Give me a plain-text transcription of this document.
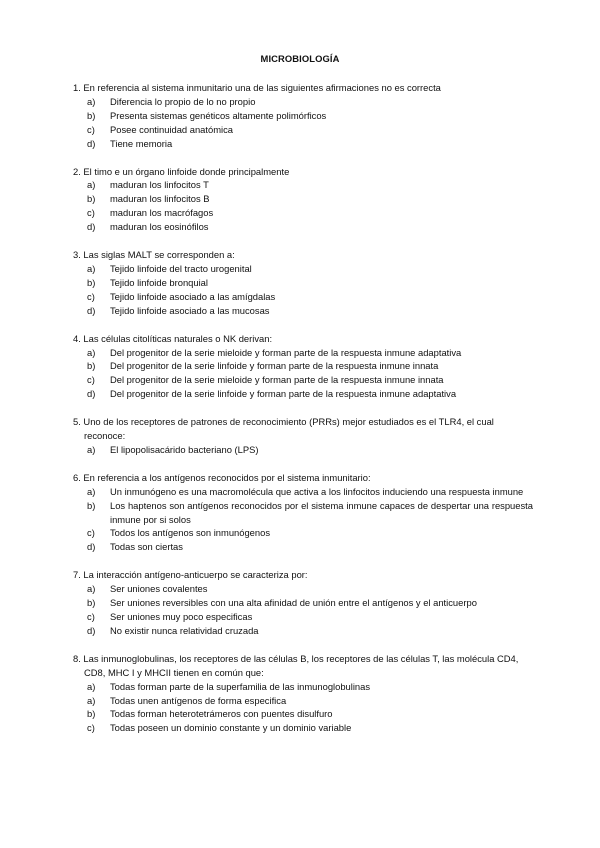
MICROBIOLOGÍA
1. En referencia al sistema inmunitario una de las siguientes afirmaciones no es correcta
a)	Diferencia lo propio de lo no propio
b)	Presenta sistemas genéticos altamente polimórficos
c)	Posee continuidad anatómica
d)	Tiene memoria
2. El timo e un órgano linfoide donde principalmente
a)	maduran los linfocitos T
b)	maduran los linfocitos B
c)	maduran los macrófagos
d)	maduran los eosinófilos
3. Las siglas MALT se corresponden a:
a)	Tejido linfoide del tracto urogenital
b)	Tejido linfoide bronquial
c)	Tejido linfoide asociado a las amígdalas
d)	Tejido linfoide asociado a las mucosas
4. Las células citolíticas naturales o NK derivan:
a)	Del progenitor de la serie mieloide y forman parte de la respuesta inmune adaptativa
b)	Del progenitor de la serie linfoide y forman parte de la respuesta inmune innata
c)	Del progenitor de la serie mieloide y forman parte de la respuesta inmune innata
d)	Del progenitor de la serie linfoide y forman parte de la respuesta inmune adaptativa
5. Uno de los receptores de patrones de reconocimiento (PRRs) mejor estudiados es el TLR4, el cual reconoce:
a)	El lipopolisacárido bacteriano (LPS)
6. En referencia a los antígenos reconocidos por el sistema inmunitario:
a)	Un inmunógeno es una macromolécula que activa a los linfocitos induciendo una respuesta inmune
b)	Los haptenos son antígenos reconocidos por el sistema inmune capaces de despertar una respuesta inmune por si solos
c)	Todos los antígenos son inmunógenos
d)	Todas son ciertas
7. La interacción antígeno-anticuerpo se caracteriza por:
a)	Ser uniones covalentes
b)	Ser uniones reversibles con una alta afinidad de unión entre el antígenos y el anticuerpo
c)	Ser uniones muy poco especificas
d)	No existir nunca relatividad cruzada
8. Las inmunoglobulinas, los receptores de las células B, los receptores de las células T, las molécula CD4, CD8, MHC I y MHCII tienen en común que:
a)	Todas forman parte de la superfamilia de las inmunoglobulinas
a)	Todas unen antígenos de forma especifica
b)	Todas forman heterotetrámeros con puentes disulfuro
c)	Todas poseen un dominio constante y un dominio variable
